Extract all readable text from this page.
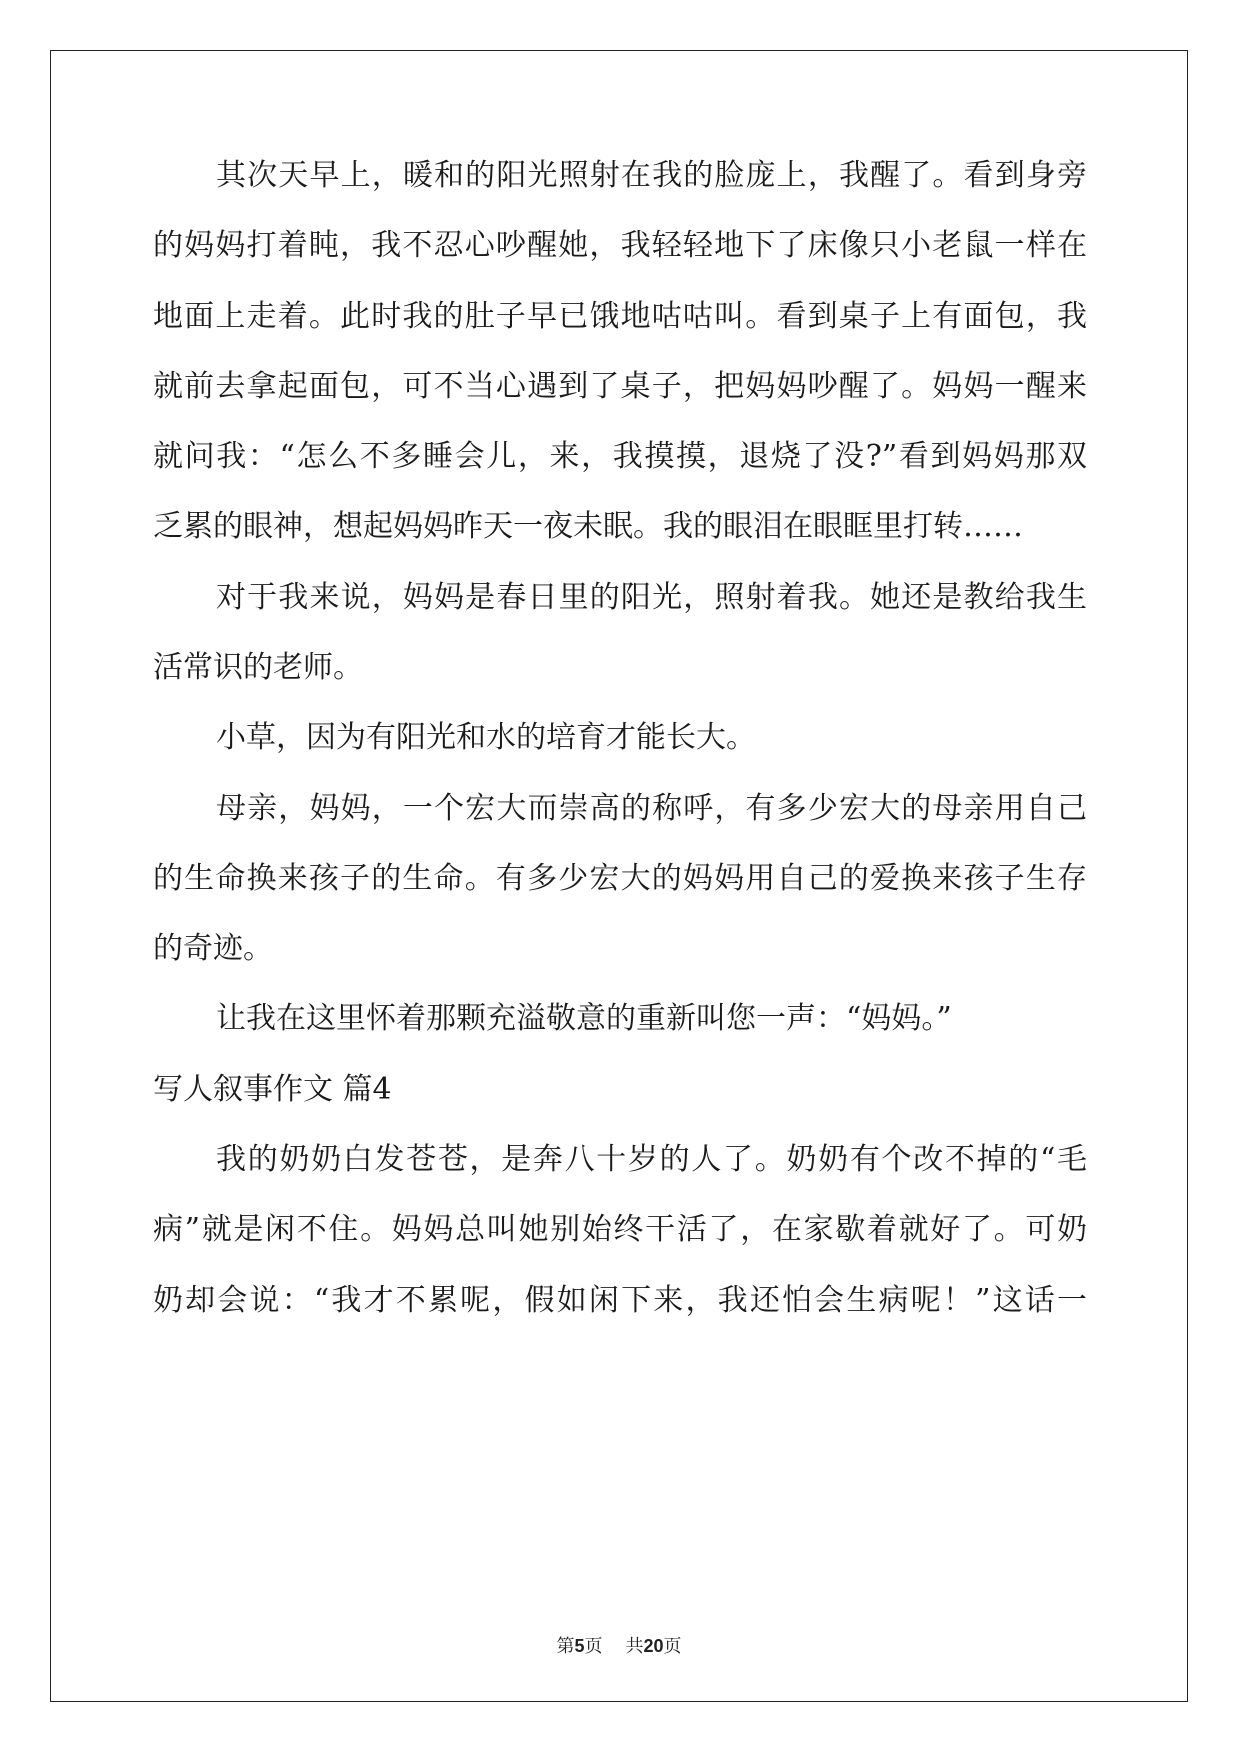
其次天早上，暖和的阳光照射在我的脸庞上，我醒了。看到身旁
的妈妈打着盹，我不忍心吵醒她，我轻轻地下了床像只小老鼠一样在
地面上走着。此时我的肚子早已饿地咕咕叫。看到桌子上有面包，我
就前去拿起面包，可不当心遇到了桌子，把妈妈吵醒了。妈妈一醒来
就问我：“怎么不多睡会儿，来，我摸摸，退烧了没?”看到妈妈那双
乏累的眼神，想起妈妈昨天一夜未眠。我的眼泪在眼眶里打转……
对于我来说，妈妈是春日里的阳光，照射着我。她还是教给我生
活常识的老师。
小草，因为有阳光和水的培育才能长大。
母亲，妈妈，一个宏大而崇高的称呼，有多少宏大的母亲用自己
的生命换来孩子的生命。有多少宏大的妈妈用自己的爱换来孩子生存
的奇迹。
让我在这里怀着那颗充溢敬意的重新叫您一声：“妈妈。”
写人叙事作文 篇4
我的奶奶白发苍苍，是奔八十岁的人了。奶奶有个改不掉的“毛
病”就是闲不住。妈妈总叫她别始终干活了，在家歇着就好了。可奶
奶却会说：“我才不累呢，假如闲下来，我还怕会生病呢！”这话一
第5页 共20页
